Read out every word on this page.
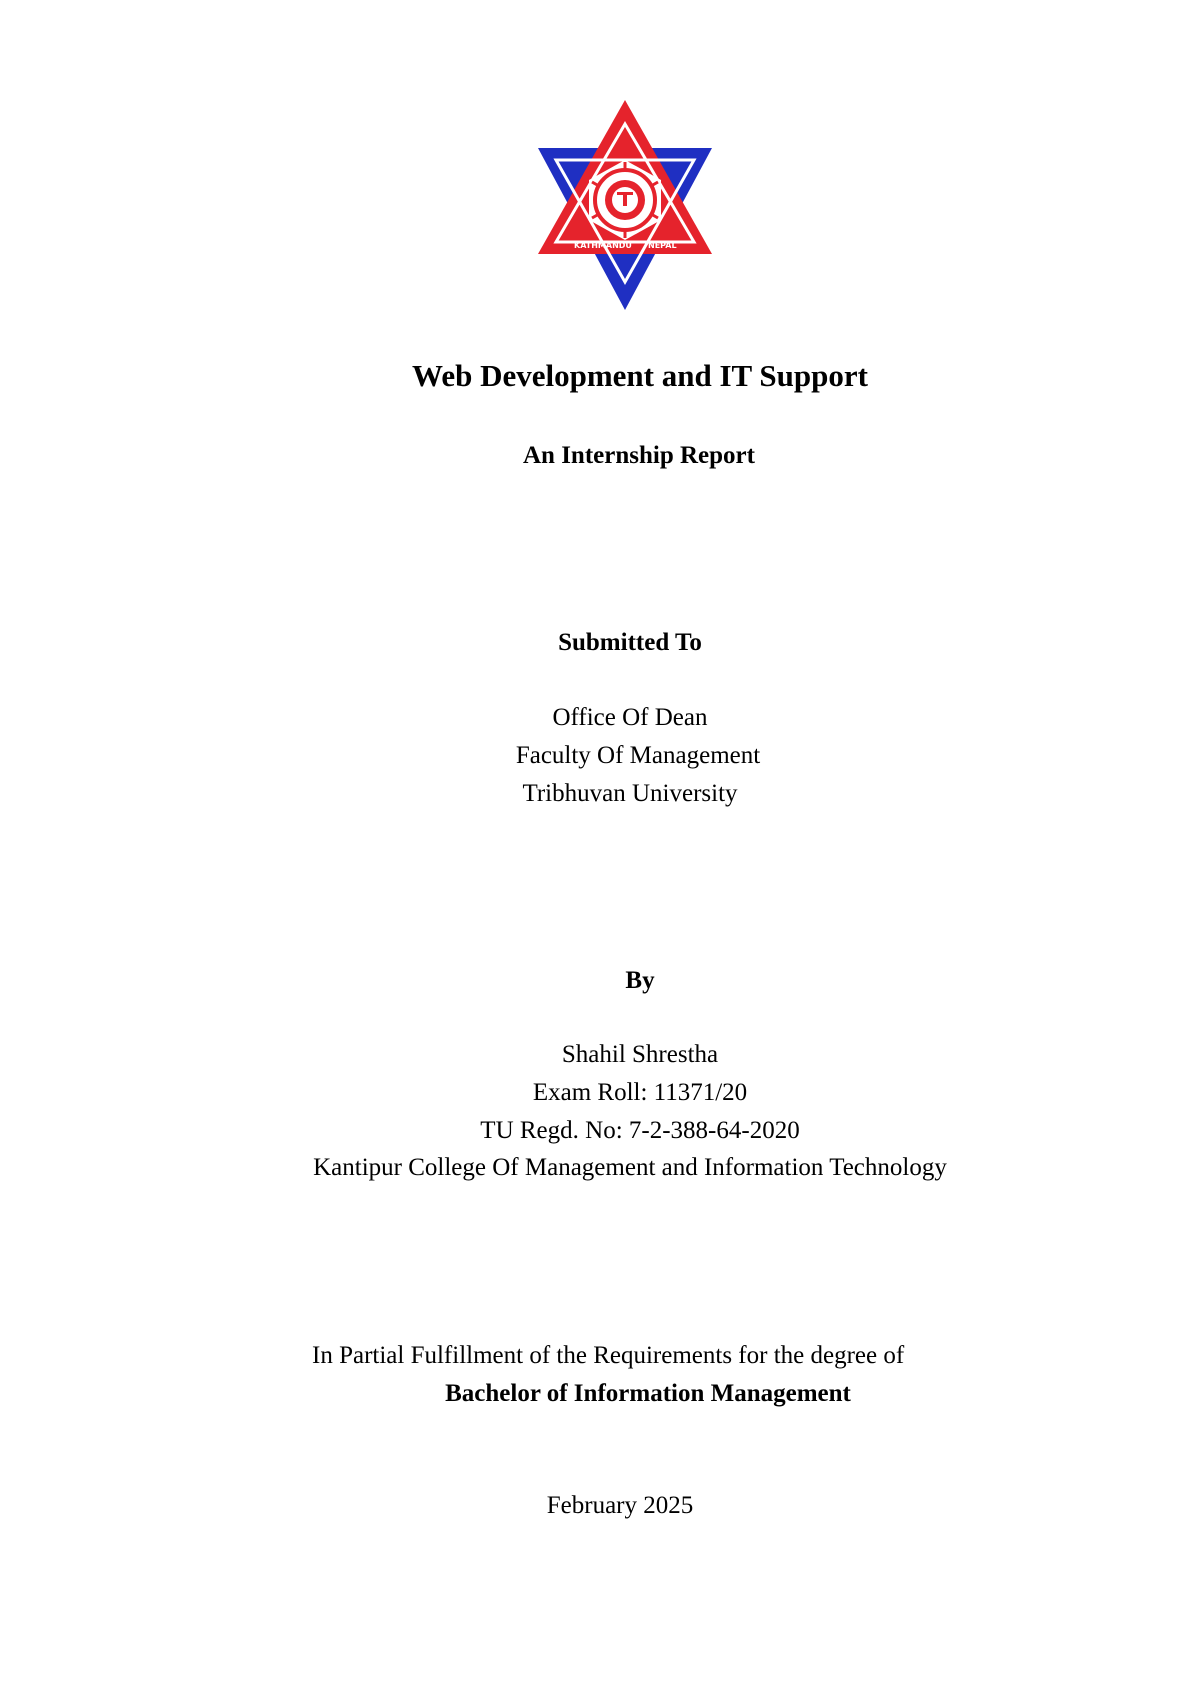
KATHMANDU NEPAL
Web Development and IT Support
An Internship Report
Submitted To
Office Of Dean
Faculty Of Management
Tribhuvan University
By
Shahil Shrestha
Exam Roll: 11371/20
TU Regd. No: 7-2-388-64-2020
Kantipur College Of Management and Information Technology
In Partial Fulfillment of the Requirements for the degree of
Bachelor of Information Management
February 2025
